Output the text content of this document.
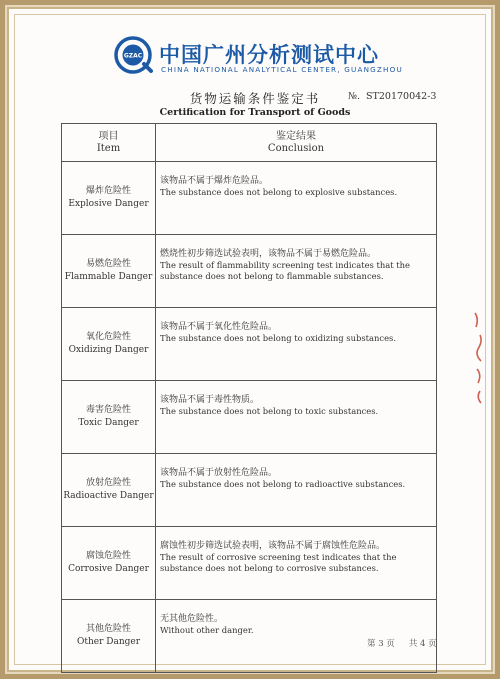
GZAC 中国广州分析测试中心
CHINA NATIONAL ANALYTICAL CENTER, GUANGZHOU
货物运输条件鉴定书
Certification for Transport of Goods
№. ST20170042-3
项目
Item	鉴定结果
Conclusion

爆炸危险性
Explosive Danger	该物品不属于爆炸危险品。
The substance does not belong to explosive substances.

易燃危险性
Flammable Danger	燃烧性初步筛选试验表明，该物品不属于易燃危险品。
The result of flammability screening test indicates that the substance does not belong to flammable substances.

氧化危险性
Oxidizing Danger	该物品不属于氧化性危险品。
The substance does not belong to oxidizing substances.

毒害危险性
Toxic Danger	该物品不属于毒性物质。
The substance does not belong to toxic substances.

放射危险性
Radioactive Danger	该物品不属于放射性危险品。
The substance does not belong to radioactive substances.

腐蚀危险性
Corrosive Danger	腐蚀性初步筛选试验表明，该物品不属于腐蚀性危险品。
The result of corrosive screening test indicates that the substance does not belong to corrosive substances.

其他危险性
Other Danger	无其他危险性。
Without other danger.
第 3 页 共 4 页
